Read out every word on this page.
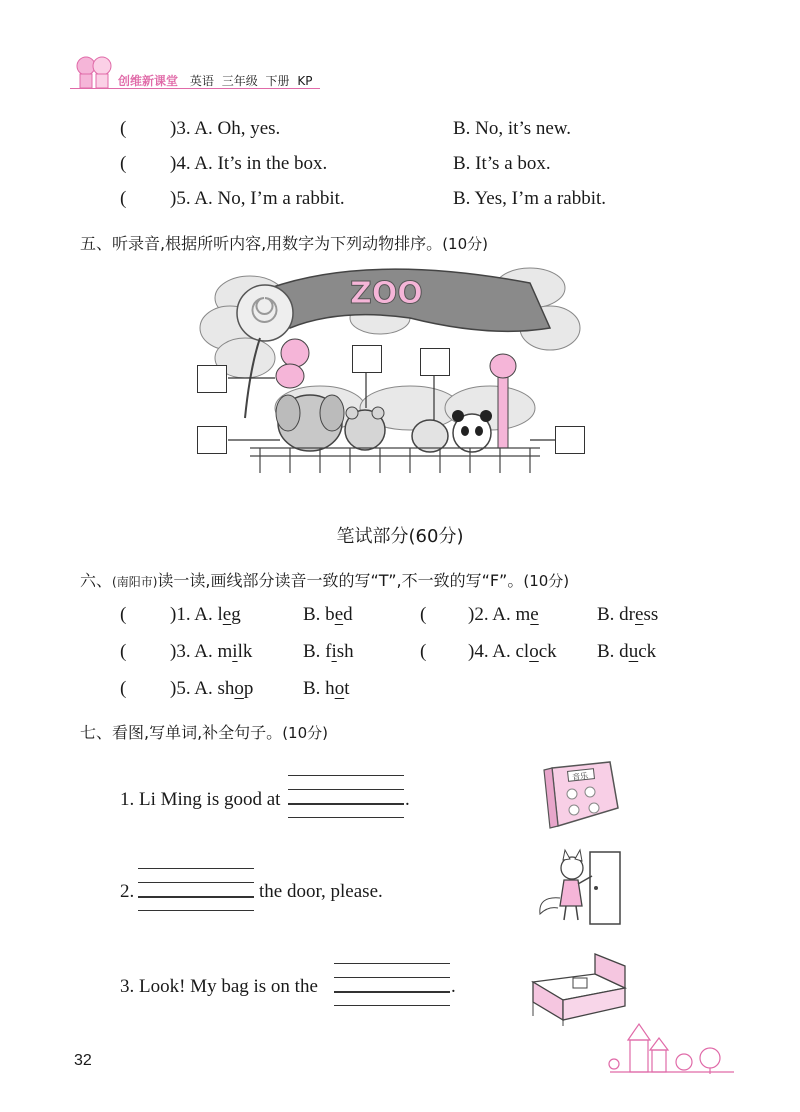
创维新课堂 英语 三年级 下册 KP
( )3. A. Oh, yes.	B. No, it’s new.
( )4. A. It’s in the box.	B. It’s a box.
( )5. A. No, I’m a rabbit.	B. Yes, I’m a rabbit.
五、听录音,根据所听内容,用数字为下列动物排序。(10分)
ZOO
笔试部分(60分)
六、(南阳市)读一读,画线部分读音一致的写“T”,不一致的写“F”。(10分)
( )1. A. leg	B. bed	( )2. A. me	B. dress
( )3. A. milk	B. fish	( )4. A. clock B. duck
( )5. A. shop	B. hot
七、看图,写单词,补全句子。(10分)
1. Li Ming is good at	.
音乐
2.	the door, please.
3. Look! My bag is on the	.
32
